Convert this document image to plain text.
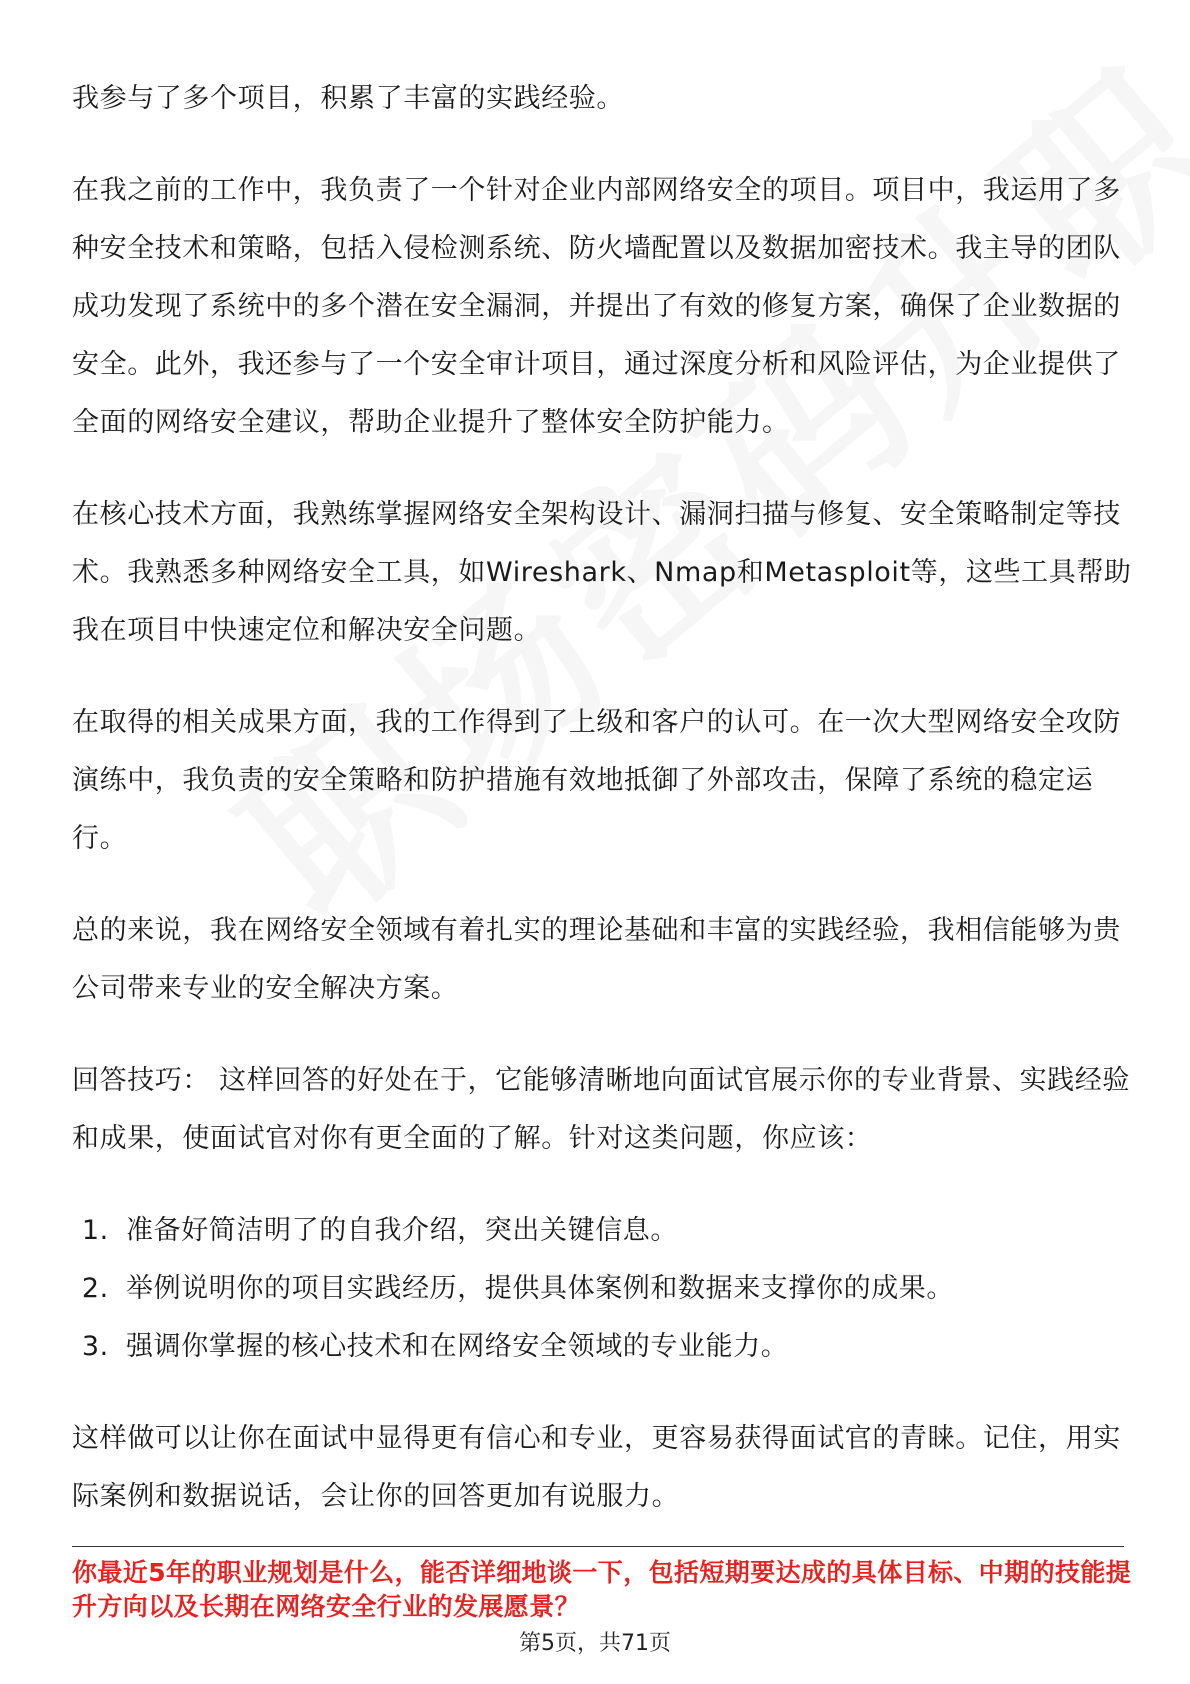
我参与了多个项目，积累了丰富的实践经验。

在我之前的工作中，我负责了一个针对企业内部网络安全的项目。项目中，我运用了多种安全技术和策略，包括入侵检测系统、防火墙配置以及数据加密技术。我主导的团队成功发现了系统中的多个潜在安全漏洞，并提出了有效的修复方案，确保了企业数据的安全。此外，我还参与了一个安全审计项目，通过深度分析和风险评估，为企业提供了全面的网络安全建议，帮助企业提升了整体安全防护能力。

在核心技术方面，我熟练掌握网络安全架构设计、漏洞扫描与修复、安全策略制定等技术。我熟悉多种网络安全工具，如Wireshark、Nmap和Metasploit等，这些工具帮助我在项目中快速定位和解决安全问题。

在取得的相关成果方面，我的工作得到了上级和客户的认可。在一次大型网络安全攻防演练中，我负责的安全策略和防护措施有效地抵御了外部攻击，保障了系统的稳定运行。

总的来说，我在网络安全领域有着扎实的理论基础和丰富的实践经验，我相信能够为贵公司带来专业的安全解决方案。

回答技巧： 这样回答的好处在于，它能够清晰地向面试官展示你的专业背景、实践经验和成果，使面试官对你有更全面的了解。针对这类问题，你应该：

1. 准备好简洁明了的自我介绍，突出关键信息。
2. 举例说明你的项目实践经历，提供具体案例和数据来支撑你的成果。
3. 强调你掌握的核心技术和在网络安全领域的专业能力。

这样做可以让你在面试中显得更有信心和专业，更容易获得面试官的青睐。记住，用实际案例和数据说话，会让你的回答更加有说服力。

你最近5年的职业规划是什么，能否详细地谈一下，包括短期要达成的具体目标、中期的技能提升方向以及长期在网络安全行业的发展愿景？

第5页，共71页
